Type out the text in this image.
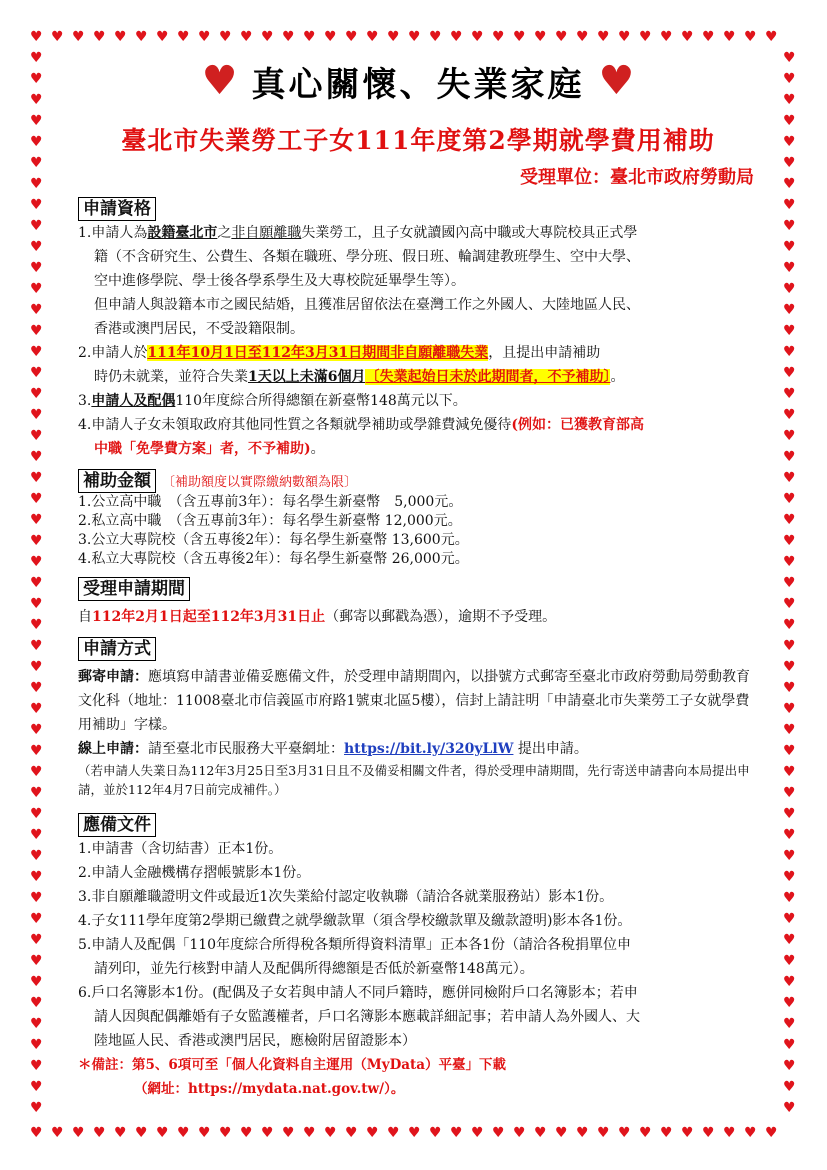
♥
♥
♥
♥
♥
♥
♥
♥
♥
♥
♥
♥
♥
♥
♥
♥
♥
♥
♥
♥
♥
♥
♥
♥
♥
♥
♥
♥
♥
♥
♥
♥
♥
♥
♥
♥
♥
♥
♥
♥
♥
♥
♥
♥
♥
♥
♥
♥
♥
♥
♥
♥
♥
♥
♥
♥
♥
♥
♥
♥
♥
♥
♥
♥
♥
♥
♥
♥
♥
♥
♥
♥
♥	♥
♥	♥
♥	♥
♥	♥
♥	♥
♥	♥
♥	♥
♥	♥
♥	♥
♥	♥
♥	♥
♥	♥
♥	♥
♥	♥
♥	♥
♥	♥
♥	♥
♥	♥
♥	♥
♥	♥
♥	♥
♥	♥
♥	♥
♥	♥
♥	♥
♥	♥
♥	♥
♥	♥
♥	♥
♥	♥
♥	♥
♥	♥
♥	♥
♥	♥
♥	♥
♥	♥
♥	♥
♥	♥
♥	♥
♥	♥
♥	♥
♥	♥
♥	♥
♥	♥
♥	♥
♥	♥
♥	♥
♥	♥
♥	♥
♥	♥
♥	♥
♥ 真心關懷、失業家庭 ♥
臺北市失業勞工子女111年度第2學期就學費用補助
受理單位：臺北市政府勞動局
申請資格
1.申請人為設籍臺北市之非自願離職失業勞工，且子女就讀國內高中職或大專院校具正式學
籍（不含研究生、公費生、各類在職班、學分班、假日班、輪調建教班學生、空中大學、
空中進修學院、學士後各學系學生及大專校院延畢學生等）。
但申請人與設籍本市之國民結婚，且獲准居留依法在臺灣工作之外國人、大陸地區人民、
香港或澳門居民，不受設籍限制。
2.申請人於111年10月1日至112年3月31日期間非自願離職失業，且提出申請補助
時仍未就業，並符合失業1天以上未滿6個月〔失業起始日未於此期間者，不予補助〕。
3.申請人及配偶110年度綜合所得總額在新臺幣148萬元以下。
4.申請人子女未領取政府其他同性質之各類就學補助或學雜費減免優待(例如：已獲教育部高
中職「免學費方案」者，不予補助)。
補助金額 〔補助額度以實際繳納數額為限〕
1.公立高中職　（含五專前3年）：每名學生新臺幣　5,000元。
2.私立高中職　（含五專前3年）：每名學生新臺幣 12,000元。
3.公立大專院校（含五專後2年）：每名學生新臺幣 13,600元。
4.私立大專院校（含五專後2年）：每名學生新臺幣 26,000元。
受理申請期間
自112年2月1日起至112年3月31日止（郵寄以郵戳為憑），逾期不予受理。
申請方式
郵寄申請：應填寫申請書並備妥應備文件，於受理申請期間內，以掛號方式郵寄至臺北市政府勞動局勞動教育文化科（地址：11008臺北市信義區市府路1號東北區5樓），信封上請註明「申請臺北市失業勞工子女就學費用補助」字樣。
線上申請：請至臺北市民服務大平臺網址：https://bit.ly/320yLlW 提出申請。
（若申請人失業日為112年3月25日至3月31日且不及備妥相關文件者，得於受理申請期間，先行寄送申請書向本局提出申請，並於112年4月7日前完成補件。）
應備文件
1.申請書（含切結書）正本1份。
2.申請人金融機構存摺帳號影本1份。
3.非自願離職證明文件或最近1次失業給付認定收執聯（請洽各就業服務站）影本1份。
4.子女111學年度第2學期已繳費之就學繳款單（須含學校繳款單及繳款證明)影本各1份。
5.申請人及配偶「110年度綜合所得稅各類所得資料清單」正本各1份（請洽各稅捐單位申
請列印，並先行核對申請人及配偶所得總額是否低於新臺幣148萬元）。
6.戶口名簿影本1份。(配偶及子女若與申請人不同戶籍時，應併同檢附戶口名簿影本；若申
請人因與配偶離婚有子女監護權者，戶口名簿影本應載詳細記事；若申請人為外國人、大
陸地區人民、香港或澳門居民，應檢附居留證影本）
＊備註：第5、6項可至「個人化資料自主運用（MyData）平臺」下載
（網址：https://mydata.nat.gov.tw/）。
